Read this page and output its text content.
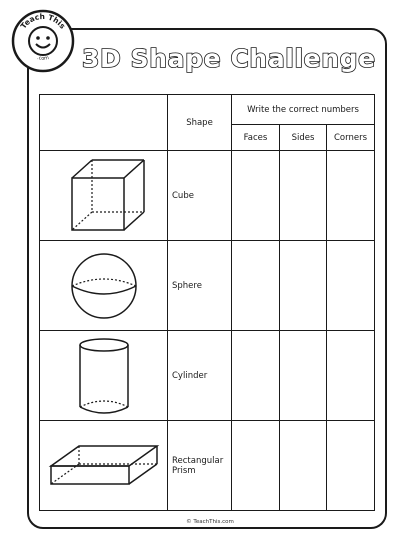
Teach This
.com 3D Shape Challenge
	Shape	Write the correct numbers		
		Faces	Sides	Corners

	Cube			

	Sphere			

	Cylinder			

	Rectangular Prism			
© TeachThis.com
